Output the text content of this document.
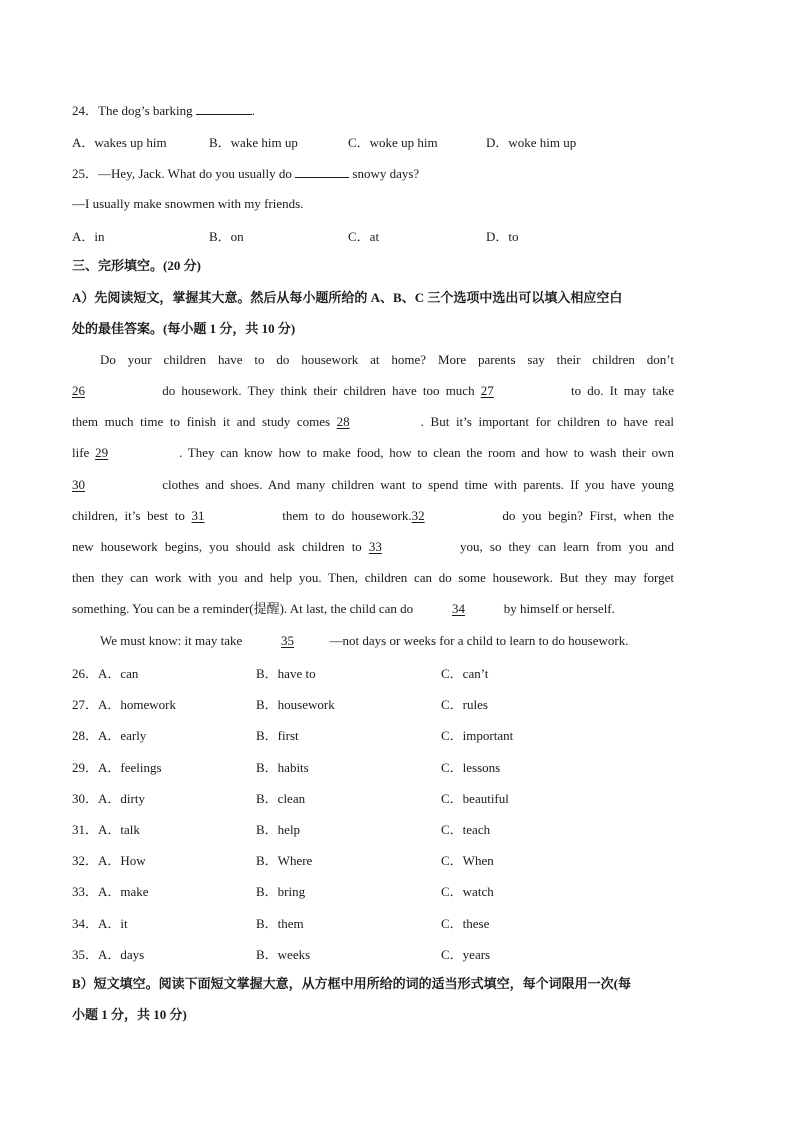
24．The dog’s barking	.
A．wakes up him	B．wake him up	C．woke up him	D．woke him up
25．—Hey, Jack. What do you usually do	snowy days?
—I usually make snowmen with my friends.
A．in	B．on	C．at	D．to
三、完形填空。(20 分)
A）先阅读短文，掌握其大意。然后从每小题所给的 A、B、C 三个选项中选出可以填入相应空白
处的最佳答案。(每小题 1 分，共 10 分)
Do your children have to do housework at home? More parents say their children don’t
26	do housework. They think their children have too much 27	to do. It may take
them much time to finish it and study comes 28	. But it’s important for children to have real
life 29	. They can know how to make food, how to clean the room and how to wash their own
30	clothes and shoes. And many children want to spend time with parents. If you have young
children, it’s best to 31	them to do housework.32	do you begin? First, when the
new housework begins, you should ask children to 33	you, so they can learn from you and
then they can work with you and help you. Then, children can do some housework. But they may forget
something. You can be a reminder(提醒). At last, the child can do	34	by himself or herself.
We must know: it may take	35	—not days or weeks for a child to learn to do housework.
26．A．can	B．have to	C．can’t
27．A．homework	B．housework	C．rules
28．A．early	B．first	C．important
29．A．feelings	B．habits	C．lessons
30．A．dirty	B．clean	C．beautiful
31．A．talk	B．help	C．teach
32．A．How	B．Where	C．When
33．A．make	B．bring	C．watch
34．A．it	B．them	C．these
35．A．days	B．weeks	C．years
B）短文填空。阅读下面短文掌握大意，从方框中用所给的词的适当形式填空，每个词限用一次(每
小题 1 分，共 10 分)
